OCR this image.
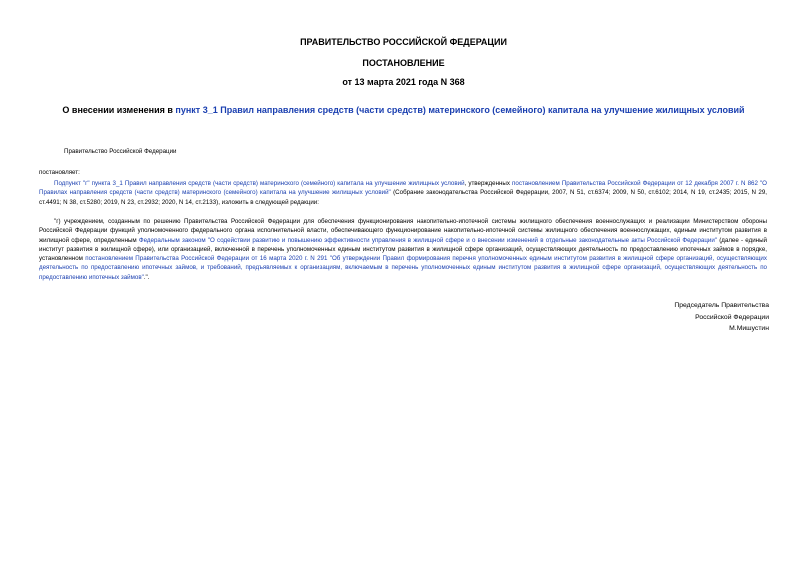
ПРАВИТЕЛЬСТВО РОССИЙСКОЙ ФЕДЕРАЦИИ
ПОСТАНОВЛЕНИЕ
от 13 марта 2021 года N 368
О внесении изменения в пункт 3_1 Правил направления средств (части средств) материнского (семейного) капитала на улучшение жилищных условий
Правительство Российской Федерации
постановляет:
Подпункт "г" пункта 3_1 Правил направления средств (части средств) материнского (семейного) капитала на улучшение жилищных условий, утвержденных постановлением Правительства Российской Федерации от 12 декабря 2007 г. N 862 "О Правилах направления средств (части средств) материнского (семейного) капитала на улучшение жилищных условий" (Собрание законодательства Российской Федерации, 2007, N 51, ст.6374; 2009, N 50, ст.6102; 2014, N 19, ст.2435; 2015, N 29, ст.4491; N 38, ст.5280; 2019, N 23, ст.2932; 2020, N 14, ст.2133), изложить в следующей редакции:
"г) учреждением, созданным по решению Правительства Российской Федерации для обеспечения функционирования накопительно-ипотечной системы жилищного обеспечения военнослужащих и реализации Министерством обороны Российской Федерации функций уполномоченного федерального органа исполнительной власти, обеспечивающего функционирование накопительно-ипотечной системы жилищного обеспечения военнослужащих, единым институтом развития в жилищной сфере, определенным Федеральным законом "О содействии развитию и повышению эффективности управления в жилищной сфере и о внесении изменений в отдельные законодательные акты Российской Федерации" (далее - единый институт развития в жилищной сфере), или организацией, включенной в перечень уполномоченных единым институтом развития в жилищной сфере организаций, осуществляющих деятельность по предоставлению ипотечных займов в порядке, установленном постановлением Правительства Российской Федерации от 16 марта 2020 г. N 291 "Об утверждении Правил формирования перечня уполномоченных единым институтом развития в жилищной сфере организаций, осуществляющих деятельность по предоставлению ипотечных займов, и требований, предъявляемых к организациям, включаемым в перечень уполномоченных единым институтом развития в жилищной сфере организаций, осуществляющих деятельность по предоставлению ипотечных займов".".
Председатель Правительства
Российской Федерации
М.Мишустин
